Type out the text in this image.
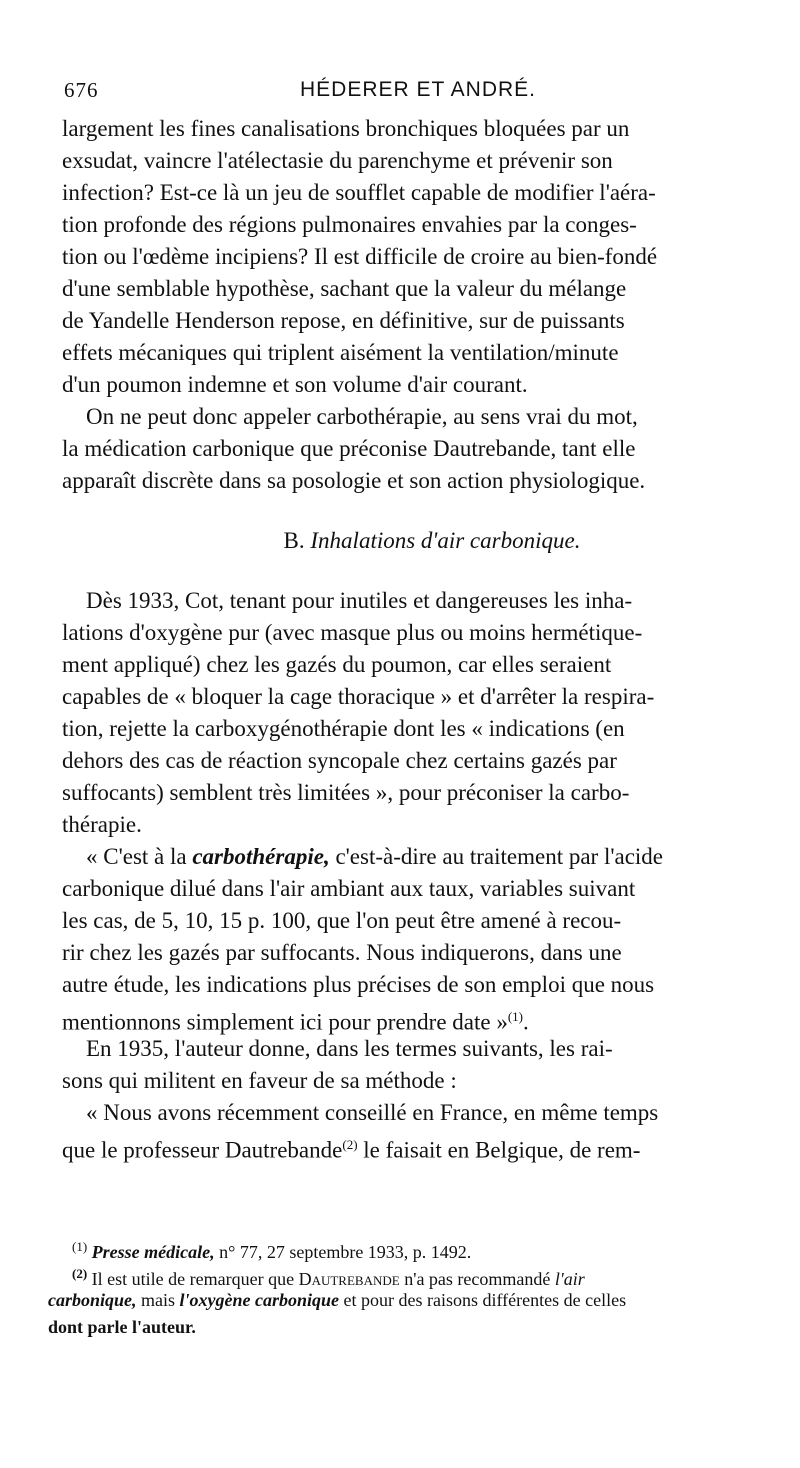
676	HÉDERER ET ANDRÉ.
largement les fines canalisations bronchiques bloquées par un
exsudat, vaincre l'atélectasie du parenchyme et prévenir son
infection? Est-ce là un jeu de soufflet capable de modifier l'aéra-
tion profonde des régions pulmonaires envahies par la conges-
tion ou l'œdème incipiens? Il est difficile de croire au bien-fondé
d'une semblable hypothèse, sachant que la valeur du mélange
de Yandelle Henderson repose, en définitive, sur de puissants
effets mécaniques qui triplent aisément la ventilation/minute
d'un poumon indemne et son volume d'air courant.
On ne peut donc appeler carbothérapie, au sens vrai du mot,
la médication carbonique que préconise Dautrebande, tant elle
apparaît discrète dans sa posologie et son action physiologique.
B. Inhalations d'air carbonique.
Dès 1933, Cot, tenant pour inutiles et dangereuses les inha-
lations d'oxygène pur (avec masque plus ou moins hermétique-
ment appliqué) chez les gazés du poumon, car elles seraient
capables de « bloquer la cage thoracique » et d'arrêter la respira-
tion, rejette la carboxygénothérapie dont les « indications (en
dehors des cas de réaction syncopale chez certains gazés par
suffocants) semblent très limitées », pour préconiser la carbo-
thérapie.
« C'est à la carbothérapie, c'est-à-dire au traitement par l'acide
carbonique dilué dans l'air ambiant aux taux, variables suivant
les cas, de 5, 10, 15 p. 100, que l'on peut être amené à recou-
rir chez les gazés par suffocants. Nous indiquerons, dans une
autre étude, les indications plus précises de son emploi que nous
mentionnons simplement ici pour prendre date »$^{(1)}$.
En 1935, l'auteur donne, dans les termes suivants, les rai-
sons qui militent en faveur de sa méthode :
« Nous avons récemment conseillé en France, en même temps
que le professeur Dautrebande$^{(2)}$ le faisait en Belgique, de rem-
$^{(1)}$ Presse médicale, n° 77, 27 septembre 1933, p. 1492.
$^{(2)}$ Il est utile de remarquer que Dautrebande n'a pas recommandé l'air
carbonique, mais l'oxygène carbonique et pour des raisons différentes de celles
dont parle l'auteur.
